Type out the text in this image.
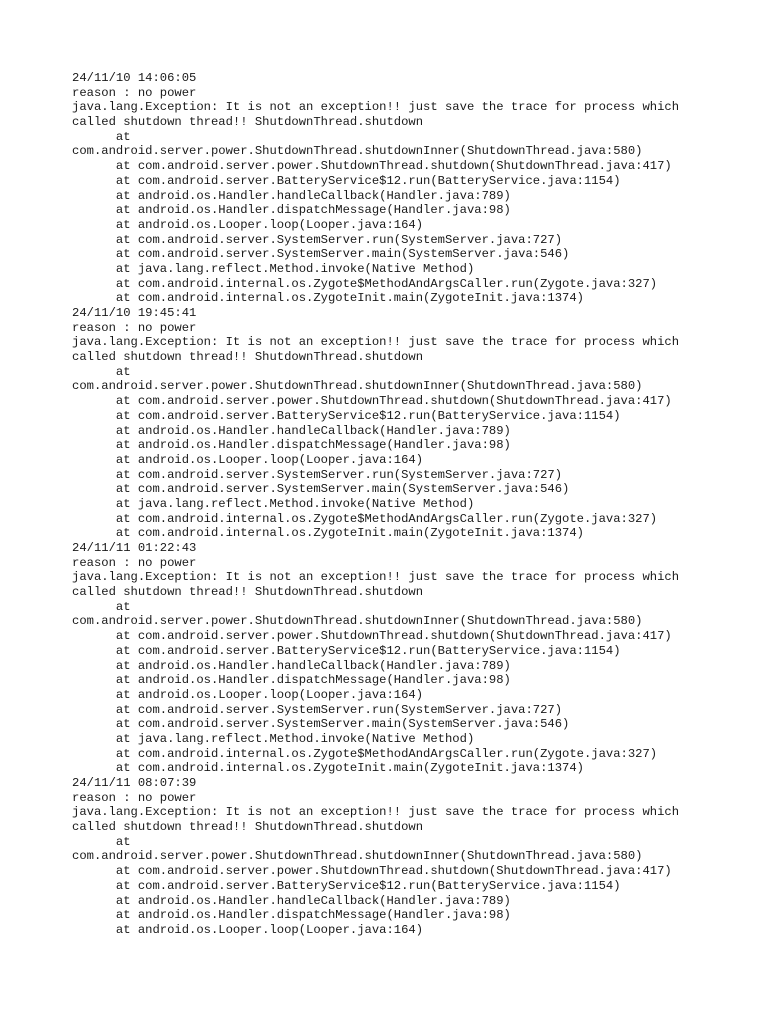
24/11/10 14:06:05
reason : no power
java.lang.Exception: It is not an exception!! just save the trace for process which
called shutdown thread!! ShutdownThread.shutdown
at
com.android.server.power.ShutdownThread.shutdownInner(ShutdownThread.java:580)
at com.android.server.power.ShutdownThread.shutdown(ShutdownThread.java:417)
at com.android.server.BatteryService$12.run(BatteryService.java:1154)
at android.os.Handler.handleCallback(Handler.java:789)
at android.os.Handler.dispatchMessage(Handler.java:98)
at android.os.Looper.loop(Looper.java:164)
at com.android.server.SystemServer.run(SystemServer.java:727)
at com.android.server.SystemServer.main(SystemServer.java:546)
at java.lang.reflect.Method.invoke(Native Method)
at com.android.internal.os.Zygote$MethodAndArgsCaller.run(Zygote.java:327)
at com.android.internal.os.ZygoteInit.main(ZygoteInit.java:1374)
24/11/10 19:45:41
reason : no power
java.lang.Exception: It is not an exception!! just save the trace for process which
called shutdown thread!! ShutdownThread.shutdown
at
com.android.server.power.ShutdownThread.shutdownInner(ShutdownThread.java:580)
at com.android.server.power.ShutdownThread.shutdown(ShutdownThread.java:417)
at com.android.server.BatteryService$12.run(BatteryService.java:1154)
at android.os.Handler.handleCallback(Handler.java:789)
at android.os.Handler.dispatchMessage(Handler.java:98)
at android.os.Looper.loop(Looper.java:164)
at com.android.server.SystemServer.run(SystemServer.java:727)
at com.android.server.SystemServer.main(SystemServer.java:546)
at java.lang.reflect.Method.invoke(Native Method)
at com.android.internal.os.Zygote$MethodAndArgsCaller.run(Zygote.java:327)
at com.android.internal.os.ZygoteInit.main(ZygoteInit.java:1374)
24/11/11 01:22:43
reason : no power
java.lang.Exception: It is not an exception!! just save the trace for process which
called shutdown thread!! ShutdownThread.shutdown
at
com.android.server.power.ShutdownThread.shutdownInner(ShutdownThread.java:580)
at com.android.server.power.ShutdownThread.shutdown(ShutdownThread.java:417)
at com.android.server.BatteryService$12.run(BatteryService.java:1154)
at android.os.Handler.handleCallback(Handler.java:789)
at android.os.Handler.dispatchMessage(Handler.java:98)
at android.os.Looper.loop(Looper.java:164)
at com.android.server.SystemServer.run(SystemServer.java:727)
at com.android.server.SystemServer.main(SystemServer.java:546)
at java.lang.reflect.Method.invoke(Native Method)
at com.android.internal.os.Zygote$MethodAndArgsCaller.run(Zygote.java:327)
at com.android.internal.os.ZygoteInit.main(ZygoteInit.java:1374)
24/11/11 08:07:39
reason : no power
java.lang.Exception: It is not an exception!! just save the trace for process which
called shutdown thread!! ShutdownThread.shutdown
at
com.android.server.power.ShutdownThread.shutdownInner(ShutdownThread.java:580)
at com.android.server.power.ShutdownThread.shutdown(ShutdownThread.java:417)
at com.android.server.BatteryService$12.run(BatteryService.java:1154)
at android.os.Handler.handleCallback(Handler.java:789)
at android.os.Handler.dispatchMessage(Handler.java:98)
at android.os.Looper.loop(Looper.java:164)
